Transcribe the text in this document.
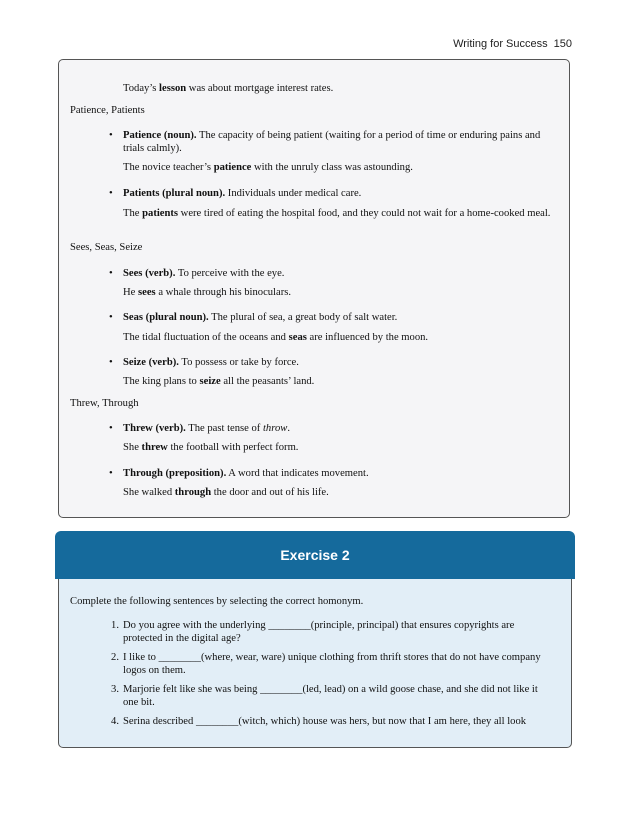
Writing for Success 150

Today’s lesson was about mortgage interest rates.

Patience, Patients

• Patience (noun). The capacity of being patient (waiting for a period of time or enduring pains and trials calmly).

The novice teacher’s patience with the unruly class was astounding.

• Patients (plural noun). Individuals under medical care.

The patients were tired of eating the hospital food, and they could not wait for a home-cooked meal.

Sees, Seas, Seize

• Sees (verb). To perceive with the eye.

He sees a whale through his binoculars.

• Seas (plural noun). The plural of sea, a great body of salt water.

The tidal fluctuation of the oceans and seas are influenced by the moon.

• Seize (verb). To possess or take by force.

The king plans to seize all the peasants’ land.

Threw, Through

• Threw (verb). The past tense of throw.

She threw the football with perfect form.

• Through (preposition). A word that indicates movement.

She walked through the door and out of his life.

Exercise 2

Complete the following sentences by selecting the correct homonym.

1. Do you agree with the underlying ________(principle, principal) that ensures copyrights are protected in the digital age?
2. I like to ________(where, wear, ware) unique clothing from thrift stores that do not have company logos on them.
3. Marjorie felt like she was being ________(led, lead) on a wild goose chase, and she did not like it one bit.
4. Serina described ________(witch, which) house was hers, but now that I am here, they all look
